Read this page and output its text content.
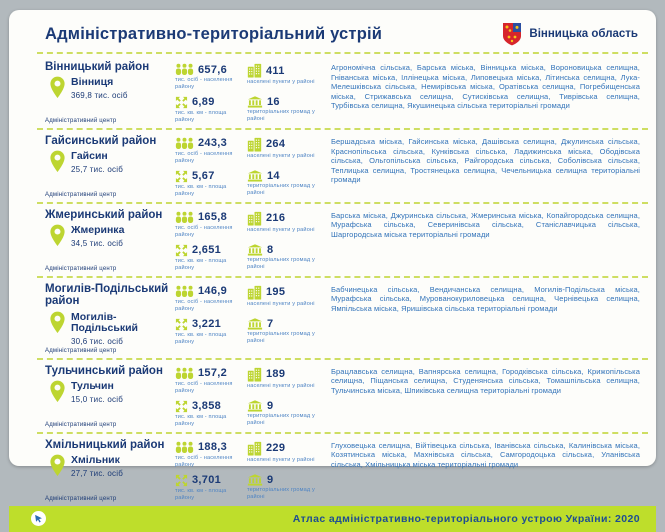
Адміністративно-територіальний устрій	Вінницька область
Вінницький район
Вінниця
369,8 тис. осіб
Адміністративний центр
657,6
тис. осіб - населення району
411
населені пункти у районі
6,89
тис. кв. км - площа району
16
територіальних громад у районі

Агрономічна сільська, Барська міська, Вінницька міська, Вороновицька селищна, Гніванська міська, Іллінецька міська, Липовецька міська, Літинська селищна, Лука-Мелешківська сільська, Немирівська міська, Оратівська селищна, Погребищенська міська, Стрижавська селищна, Сутисківська селищна, Тиврівська селищна, Турбівська селищна, Якушинецька сільська територіальні громади

Гайсинський район
Гайсин
25,7 тис. осіб
Адміністративний центр
243,3
тис. осіб - населення району
264
населені пункти у районі
5,67
тис. кв. км - площа району
14
територіальних громад у районі

Бершадська міська, Гайсинська міська, Дашівська селищна, Джулинська сільська, Краснопільська сільська, Кунківська сільська, Ладижинська міська, Ободівська сільська, Ольгопільська сільська, Райгородська сільська, Соболівська сільська, Теплицька селищна, Тростянецька селищна, Чечельницька селищна територіальні громади

Жмеринський район
Жмеринка
34,5 тис. осіб
Адміністративний центр
165,8
тис. осіб - населення району
216
населені пункти у районі
2,651
тис. кв. км - площа району
8
територіальних громад у районі

Барська міська, Джуринська сільська, Жмеринська міська, Копайгородська селищна, Мурафська сільська, Северинівська сільська, Станіславчицька сільська, Шаргородська міська територіальні громади

Могилів-Подільський район
Могилів-Подільський
30,6 тис. осіб
Адміністративний центр
146,9
тис. осіб - населення району
195
населені пункти у районі
3,221
тис. кв. км - площа району
7
територіальних громад у районі

Бабчинецька сільська, Вендичанська селищна, Могилів-Подільська міська, Мурафська сільська, Мурованокуриловецька селищна, Чернівецька селищна, Ямпільська міська, Яришівська сільська територіальні громади

Тульчинський район
Тульчин
15,0 тис. осіб
Адміністративний центр
157,2
тис. осіб - населення району
189
населені пункти у районі
3,858
тис. кв. км - площа району
9
територіальних громад у районі

Брацлавська селищна, Вапнярська селищна, Городківська сільська, Крижопільська селищна, Піщанська селищна, Студенянська сільська, Томашпільська селищна, Тульчинська міська, Шпиківська селищна територіальні громади

Хмільницький район
Хмільник
27,7 тис. осіб
Адміністративний центр
188,3
тис. осіб - населення району
229
населені пункти у районі
3,701
тис. кв. км - площа району
9
територіальних громад у районі

Глуховецька селищна, Війтівецька сільська, Іванівська сільська, Калинівська міська, Козятинська міська, Махнівська сільська, Самгородоцька сільська, Уланівська сільська, Хмільницька міська територіальні громади

Атлас адміністративно-територіального устрою України: 2020
